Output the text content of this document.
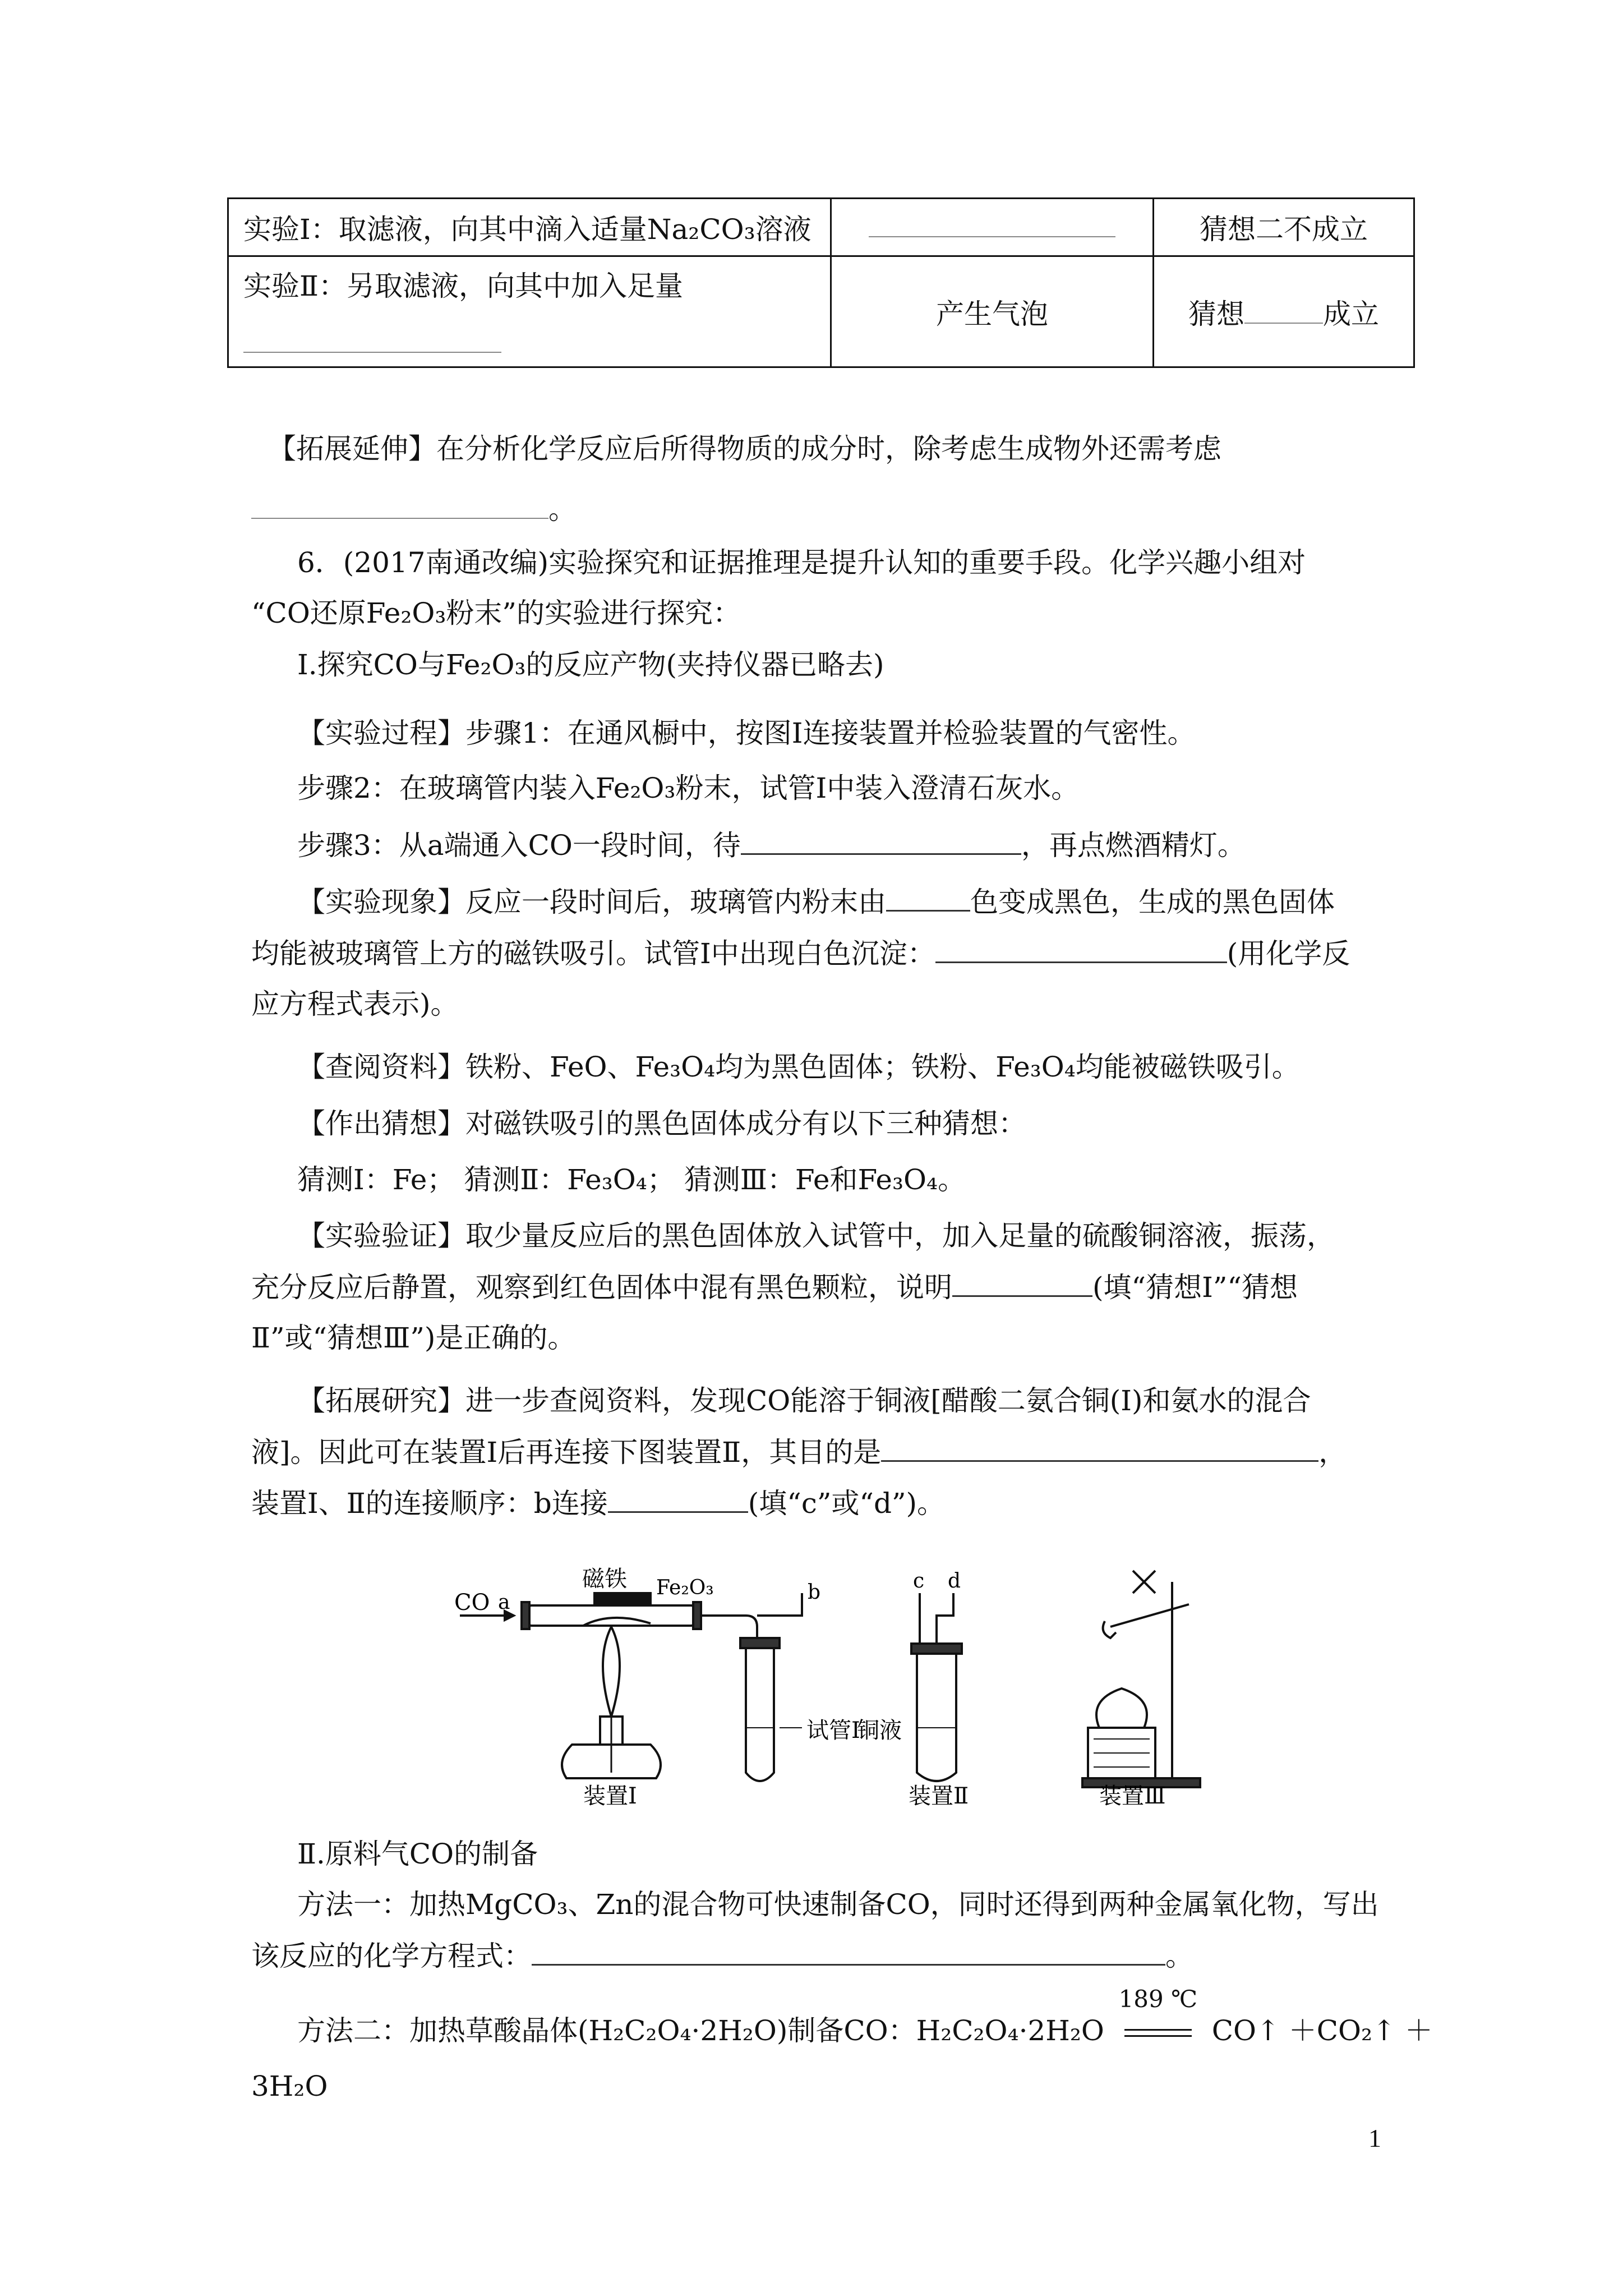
实验Ⅰ：取滤液，向其中滴入适量Na₂CO₃溶液		猜想二不成立

实验Ⅱ：另取滤液，向其中加入足量	产生气泡	猜想 成立
【拓展延伸】在分析化学反应后所得物质的成分时，除考虑生成物外还需考虑
。
6．(2017南通改编)实验探究和证据推理是提升认知的重要手段。化学兴趣小组对
“CO还原Fe₂O₃粉末”的实验进行探究：
Ⅰ.探究CO与Fe₂O₃的反应产物(夹持仪器已略去)
【实验过程】步骤1：在通风橱中，按图Ⅰ连接装置并检验装置的气密性。
步骤2：在玻璃管内装入Fe₂O₃粉末，试管Ⅰ中装入澄清石灰水。
步骤3：从a端通入CO一段时间，待	，再点燃酒精灯。
【实验现象】反应一段时间后，玻璃管内粉末由	色变成黑色，生成的黑色固体
均能被玻璃管上方的磁铁吸引。试管Ⅰ中出现白色沉淀：	(用化学反
应方程式表示)。
【查阅资料】铁粉、FeO、Fe₃O₄均为黑色固体；铁粉、Fe₃O₄均能被磁铁吸引。
【作出猜想】对磁铁吸引的黑色固体成分有以下三种猜想：
猜测Ⅰ：Fe； 猜测Ⅱ：Fe₃O₄； 猜测Ⅲ：Fe和Fe₃O₄。
【实验验证】取少量反应后的黑色固体放入试管中，加入足量的硫酸铜溶液，振荡，
充分反应后静置，观察到红色固体中混有黑色颗粒，说明	(填“猜想Ⅰ”“猜想
Ⅱ”或“猜想Ⅲ”)是正确的。
【拓展研究】进一步查阅资料，发现CO能溶于铜液[醋酸二氨合铜(Ⅰ)和氨水的混合
液]。因此可在装置Ⅰ后再连接下图装置Ⅱ，其目的是	，
装置Ⅰ、Ⅱ的连接顺序：b连接	(填“c”或“d”)。
CO a
磁铁 Fe₂O₃	b
试管Ⅰ
c d
铜液
装置Ⅰ	装置Ⅱ	装置Ⅲ
Ⅱ.原料气CO的制备
方法一：加热MgCO₃、Zn的混合物可快速制备CO，同时还得到两种金属氧化物，写出
该反应的化学方程式：	。
方法二：加热草酸晶体(H₂C₂O₄·2H₂O)制备CO：H₂C₂O₄·2H₂O
189 ℃
CO↑ ＋CO₂↑ ＋
3H₂O
1
